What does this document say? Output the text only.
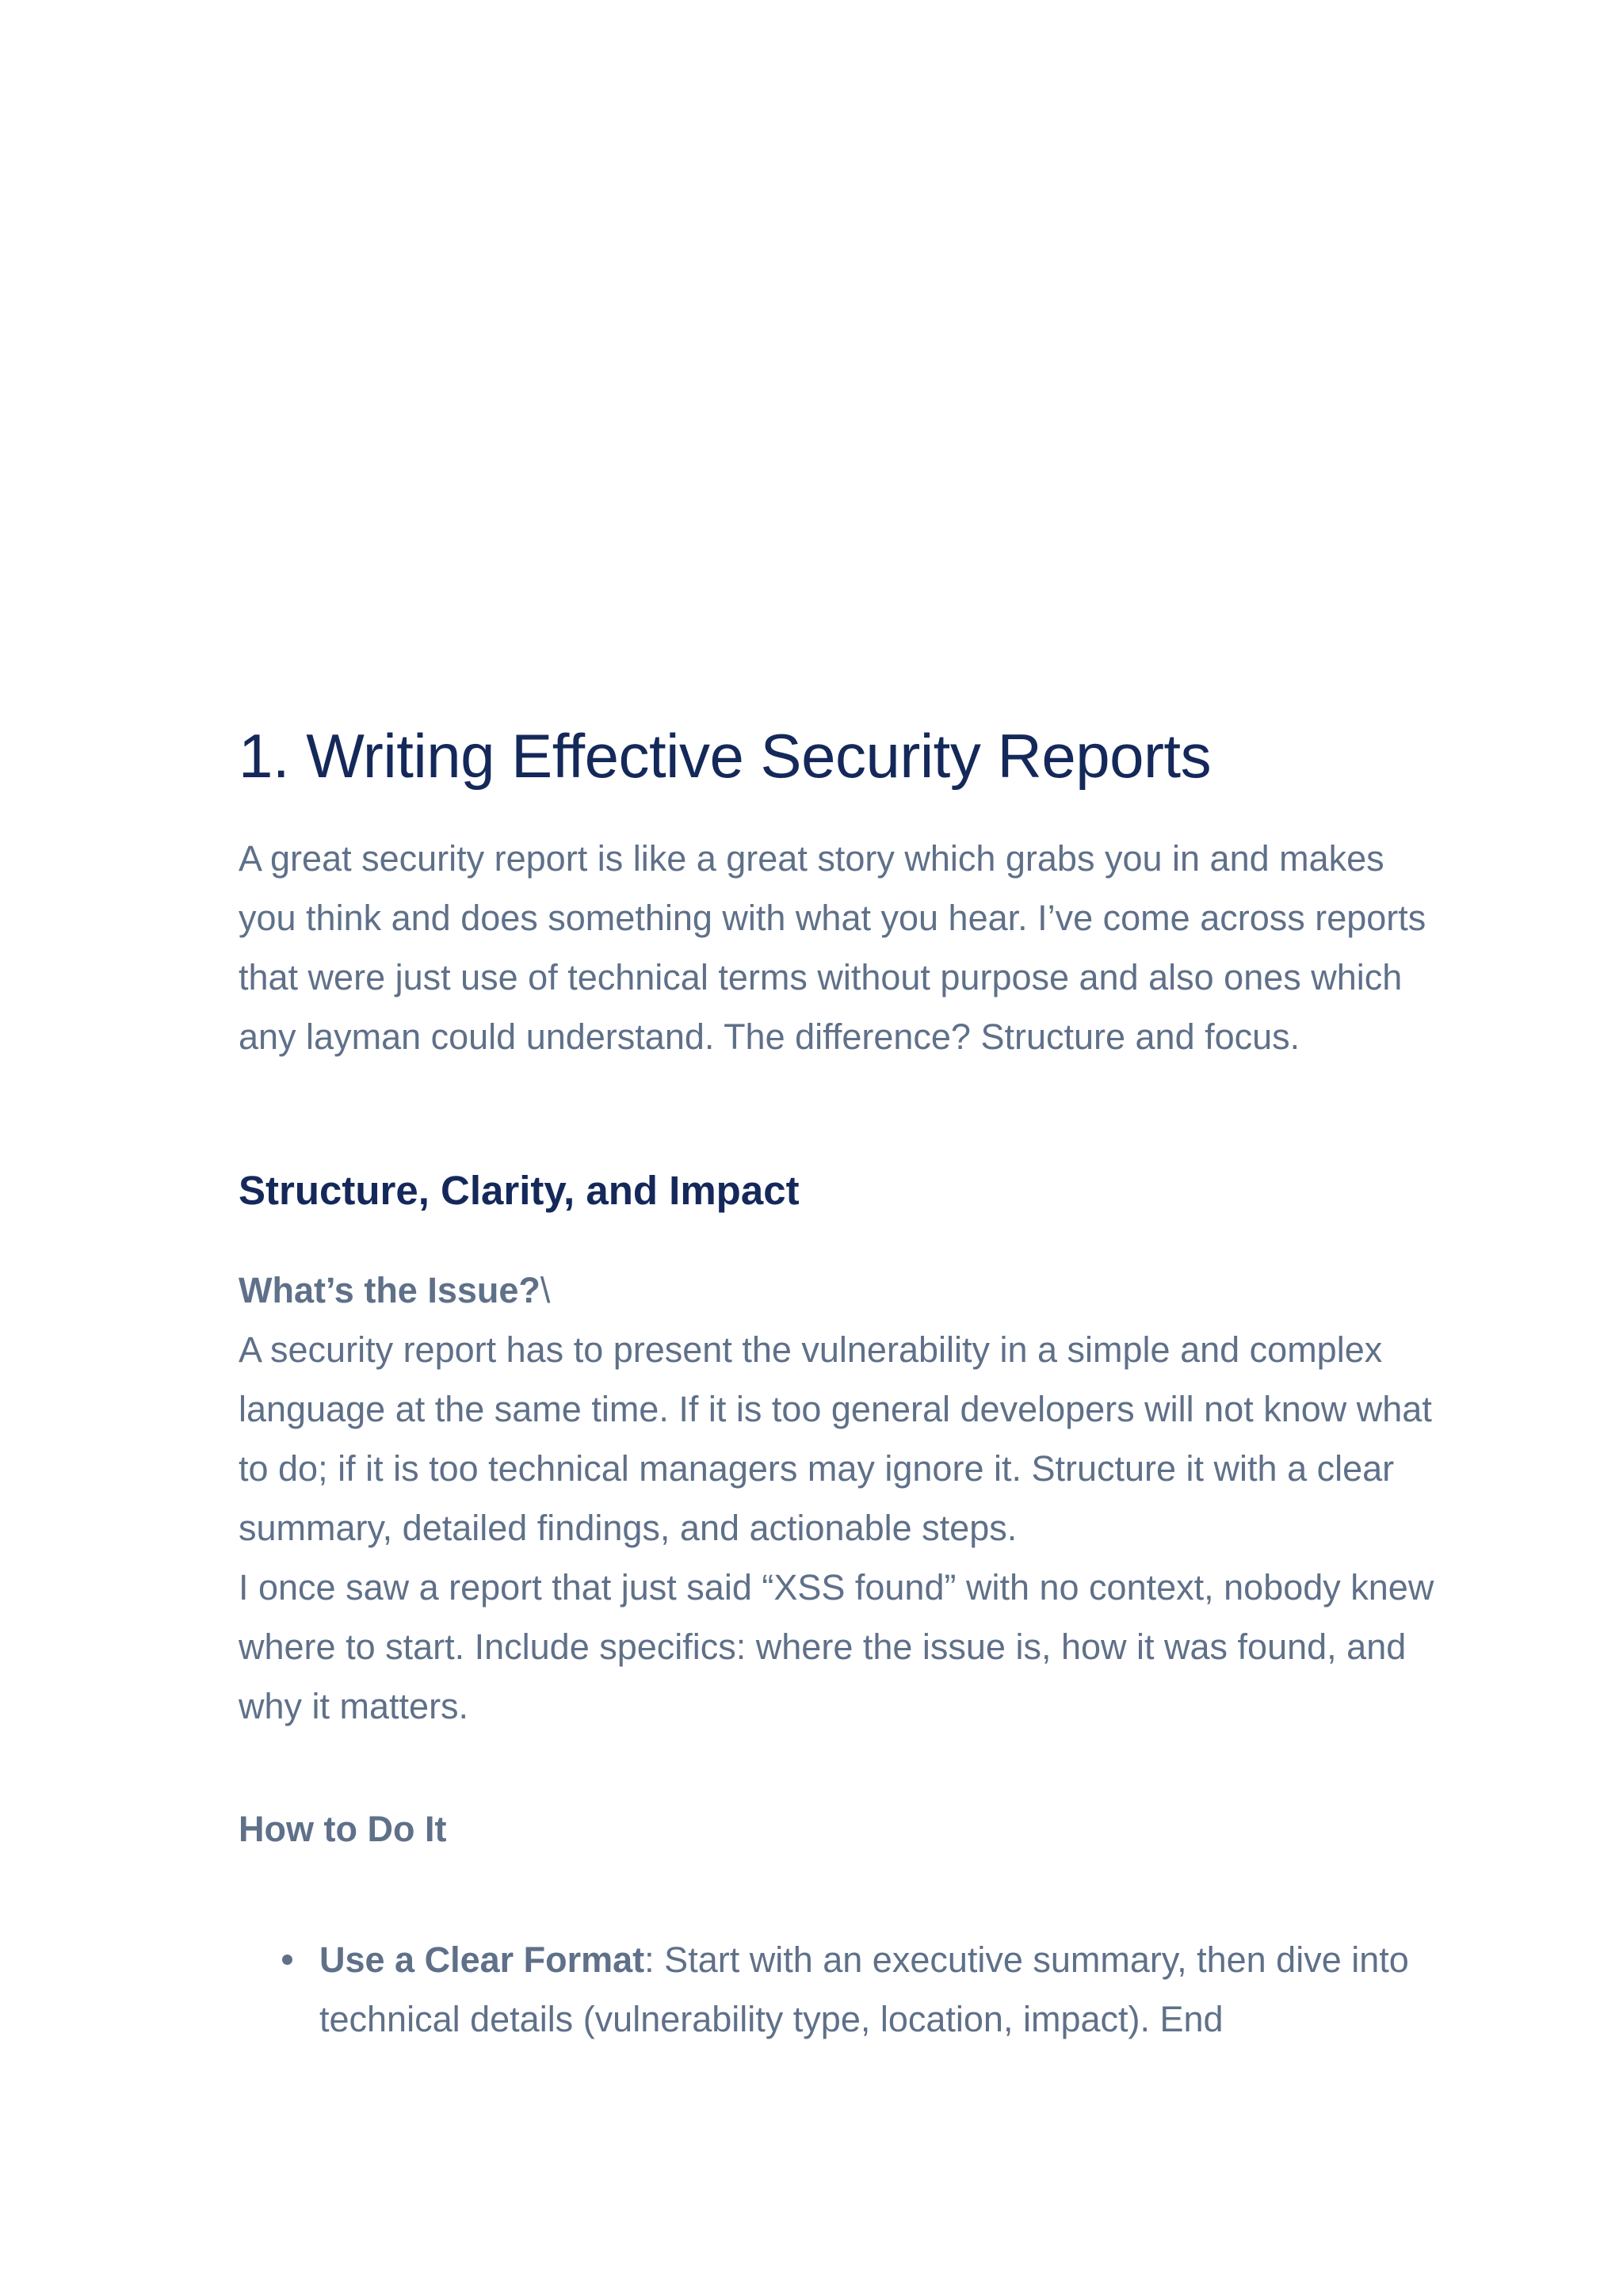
1. Writing Effective Security Reports

A great security report is like a great story which grabs you in and makes you think and does something with what you hear. I’ve come across reports that were just use of technical terms without purpose and also ones which any layman could understand. The difference? Structure and focus.

Structure, Clarity, and Impact

What’s the Issue?\

A security report has to present the vulnerability in a simple and complex language at the same time. If it is too general developers will not know what to do; if it is too technical managers may ignore it. Structure it with a clear summary, detailed findings, and actionable steps.

I once saw a report that just said “XSS found” with no context, nobody knew where to start. Include specifics: where the issue is, how it was found, and why it matters.

How to Do It

Use a Clear Format: Start with an executive summary, then dive into technical details (vulnerability type, location, impact). End
